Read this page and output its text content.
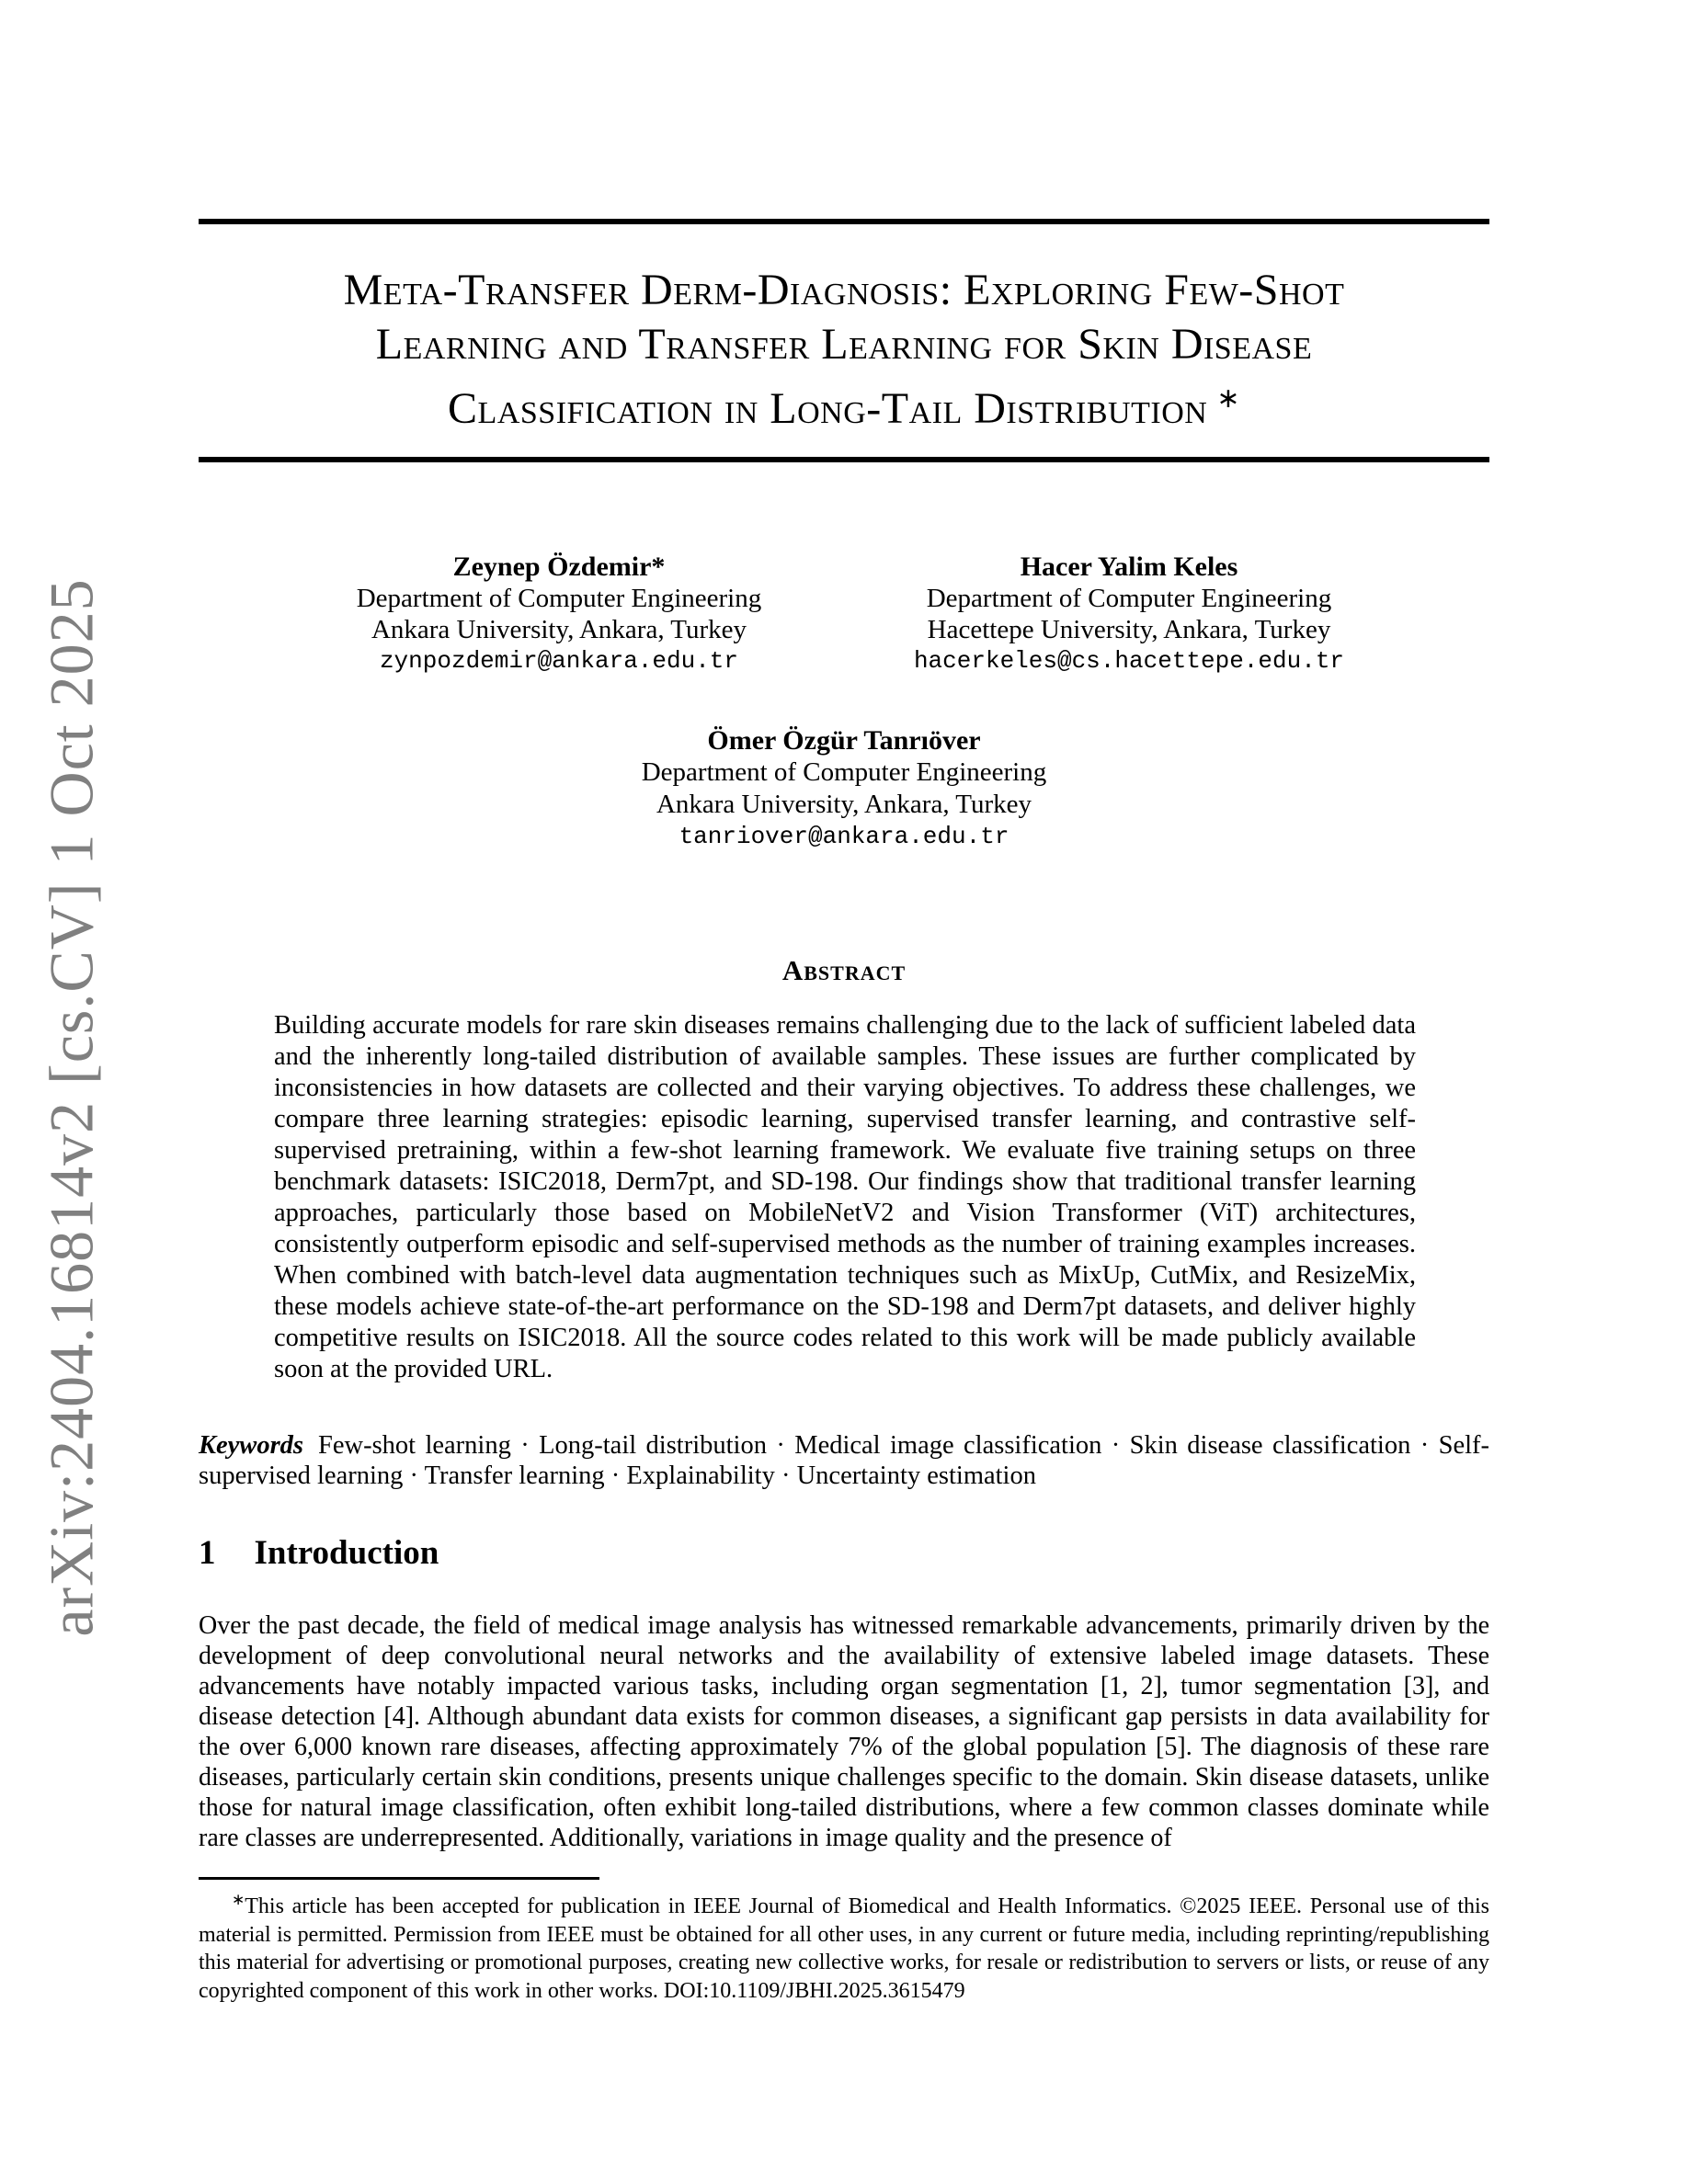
arXiv:2404.16814v2 [cs.CV] 1 Oct 2025
Meta-Transfer Derm-Diagnosis: Exploring Few-Shot
Learning and Transfer Learning for Skin Disease
Classification in Long-Tail Distribution ∗
Zeynep Özdemir*
Department of Computer Engineering
Ankara University, Ankara, Turkey
zynpozdemir@ankara.edu.tr
Hacer Yalim Keles
Department of Computer Engineering
Hacettepe University, Ankara, Turkey
hacerkeles@cs.hacettepe.edu.tr
Ömer Özgür Tanrıöver
Department of Computer Engineering
Ankara University, Ankara, Turkey
tanriover@ankara.edu.tr
Abstract

Building accurate models for rare skin diseases remains challenging due to the lack of sufficient labeled data and the inherently long-tailed distribution of available samples. These issues are further complicated by inconsistencies in how datasets are collected and their varying objectives. To address these challenges, we compare three learning strategies: episodic learning, supervised transfer learning, and contrastive self-supervised pretraining, within a few-shot learning framework. We evaluate five training setups on three benchmark datasets: ISIC2018, Derm7pt, and SD-198. Our findings show that traditional transfer learning approaches, particularly those based on MobileNetV2 and Vision Transformer (ViT) architectures, consistently outperform episodic and self-supervised methods as the number of training examples increases. When combined with batch-level data augmentation techniques such as MixUp, CutMix, and ResizeMix, these models achieve state-of-the-art performance on the SD-198 and Derm7pt datasets, and deliver highly competitive results on ISIC2018. All the source codes related to this work will be made publicly available soon at the provided URL.

Keywords Few-shot learning · Long-tail distribution · Medical image classification · Skin disease classification · Self-supervised learning · Transfer learning · Explainability · Uncertainty estimation

1 Introduction

Over the past decade, the field of medical image analysis has witnessed remarkable advancements, primarily driven by the development of deep convolutional neural networks and the availability of extensive labeled image datasets. These advancements have notably impacted various tasks, including organ segmentation [1, 2], tumor segmentation [3], and disease detection [4]. Although abundant data exists for common diseases, a significant gap persists in data availability for the over 6,000 known rare diseases, affecting approximately 7% of the global population [5]. The diagnosis of these rare diseases, particularly certain skin conditions, presents unique challenges specific to the domain. Skin disease datasets, unlike those for natural image classification, often exhibit long-tailed distributions, where a few common classes dominate while rare classes are underrepresented. Additionally, variations in image quality and the presence of

∗This article has been accepted for publication in IEEE Journal of Biomedical and Health Informatics. ©2025 IEEE. Personal use of this material is permitted. Permission from IEEE must be obtained for all other uses, in any current or future media, including reprinting/republishing this material for advertising or promotional purposes, creating new collective works, for resale or redistribution to servers or lists, or reuse of any copyrighted component of this work in other works. DOI:10.1109/JBHI.2025.3615479
